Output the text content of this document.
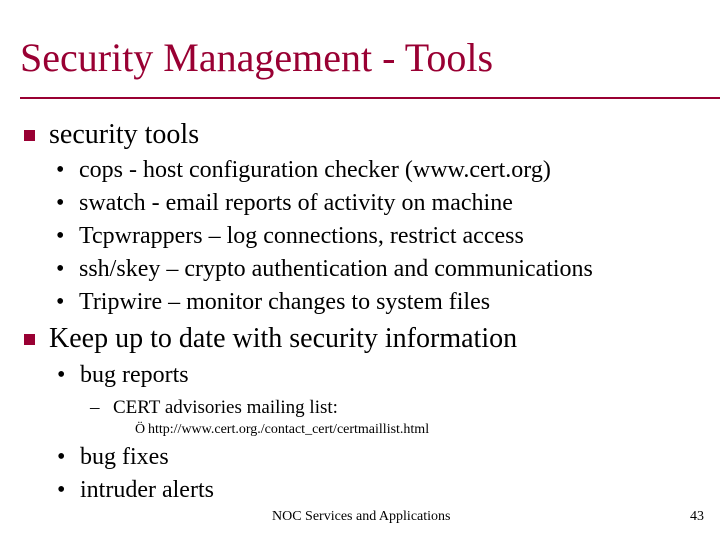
Security Management - Tools
security tools
• cops - host configuration checker (www.cert.org)
• swatch - email reports of activity on machine
• Tcpwrappers – log connections, restrict access
• ssh/skey – crypto authentication and communications
• Tripwire – monitor changes to system files
Keep up to date with security information
• bug reports
– CERT advisories mailing list:
Ö http://www.cert.org./contact_cert/certmaillist.html
• bug fixes
• intruder alerts
NOC Services and Applications	43
